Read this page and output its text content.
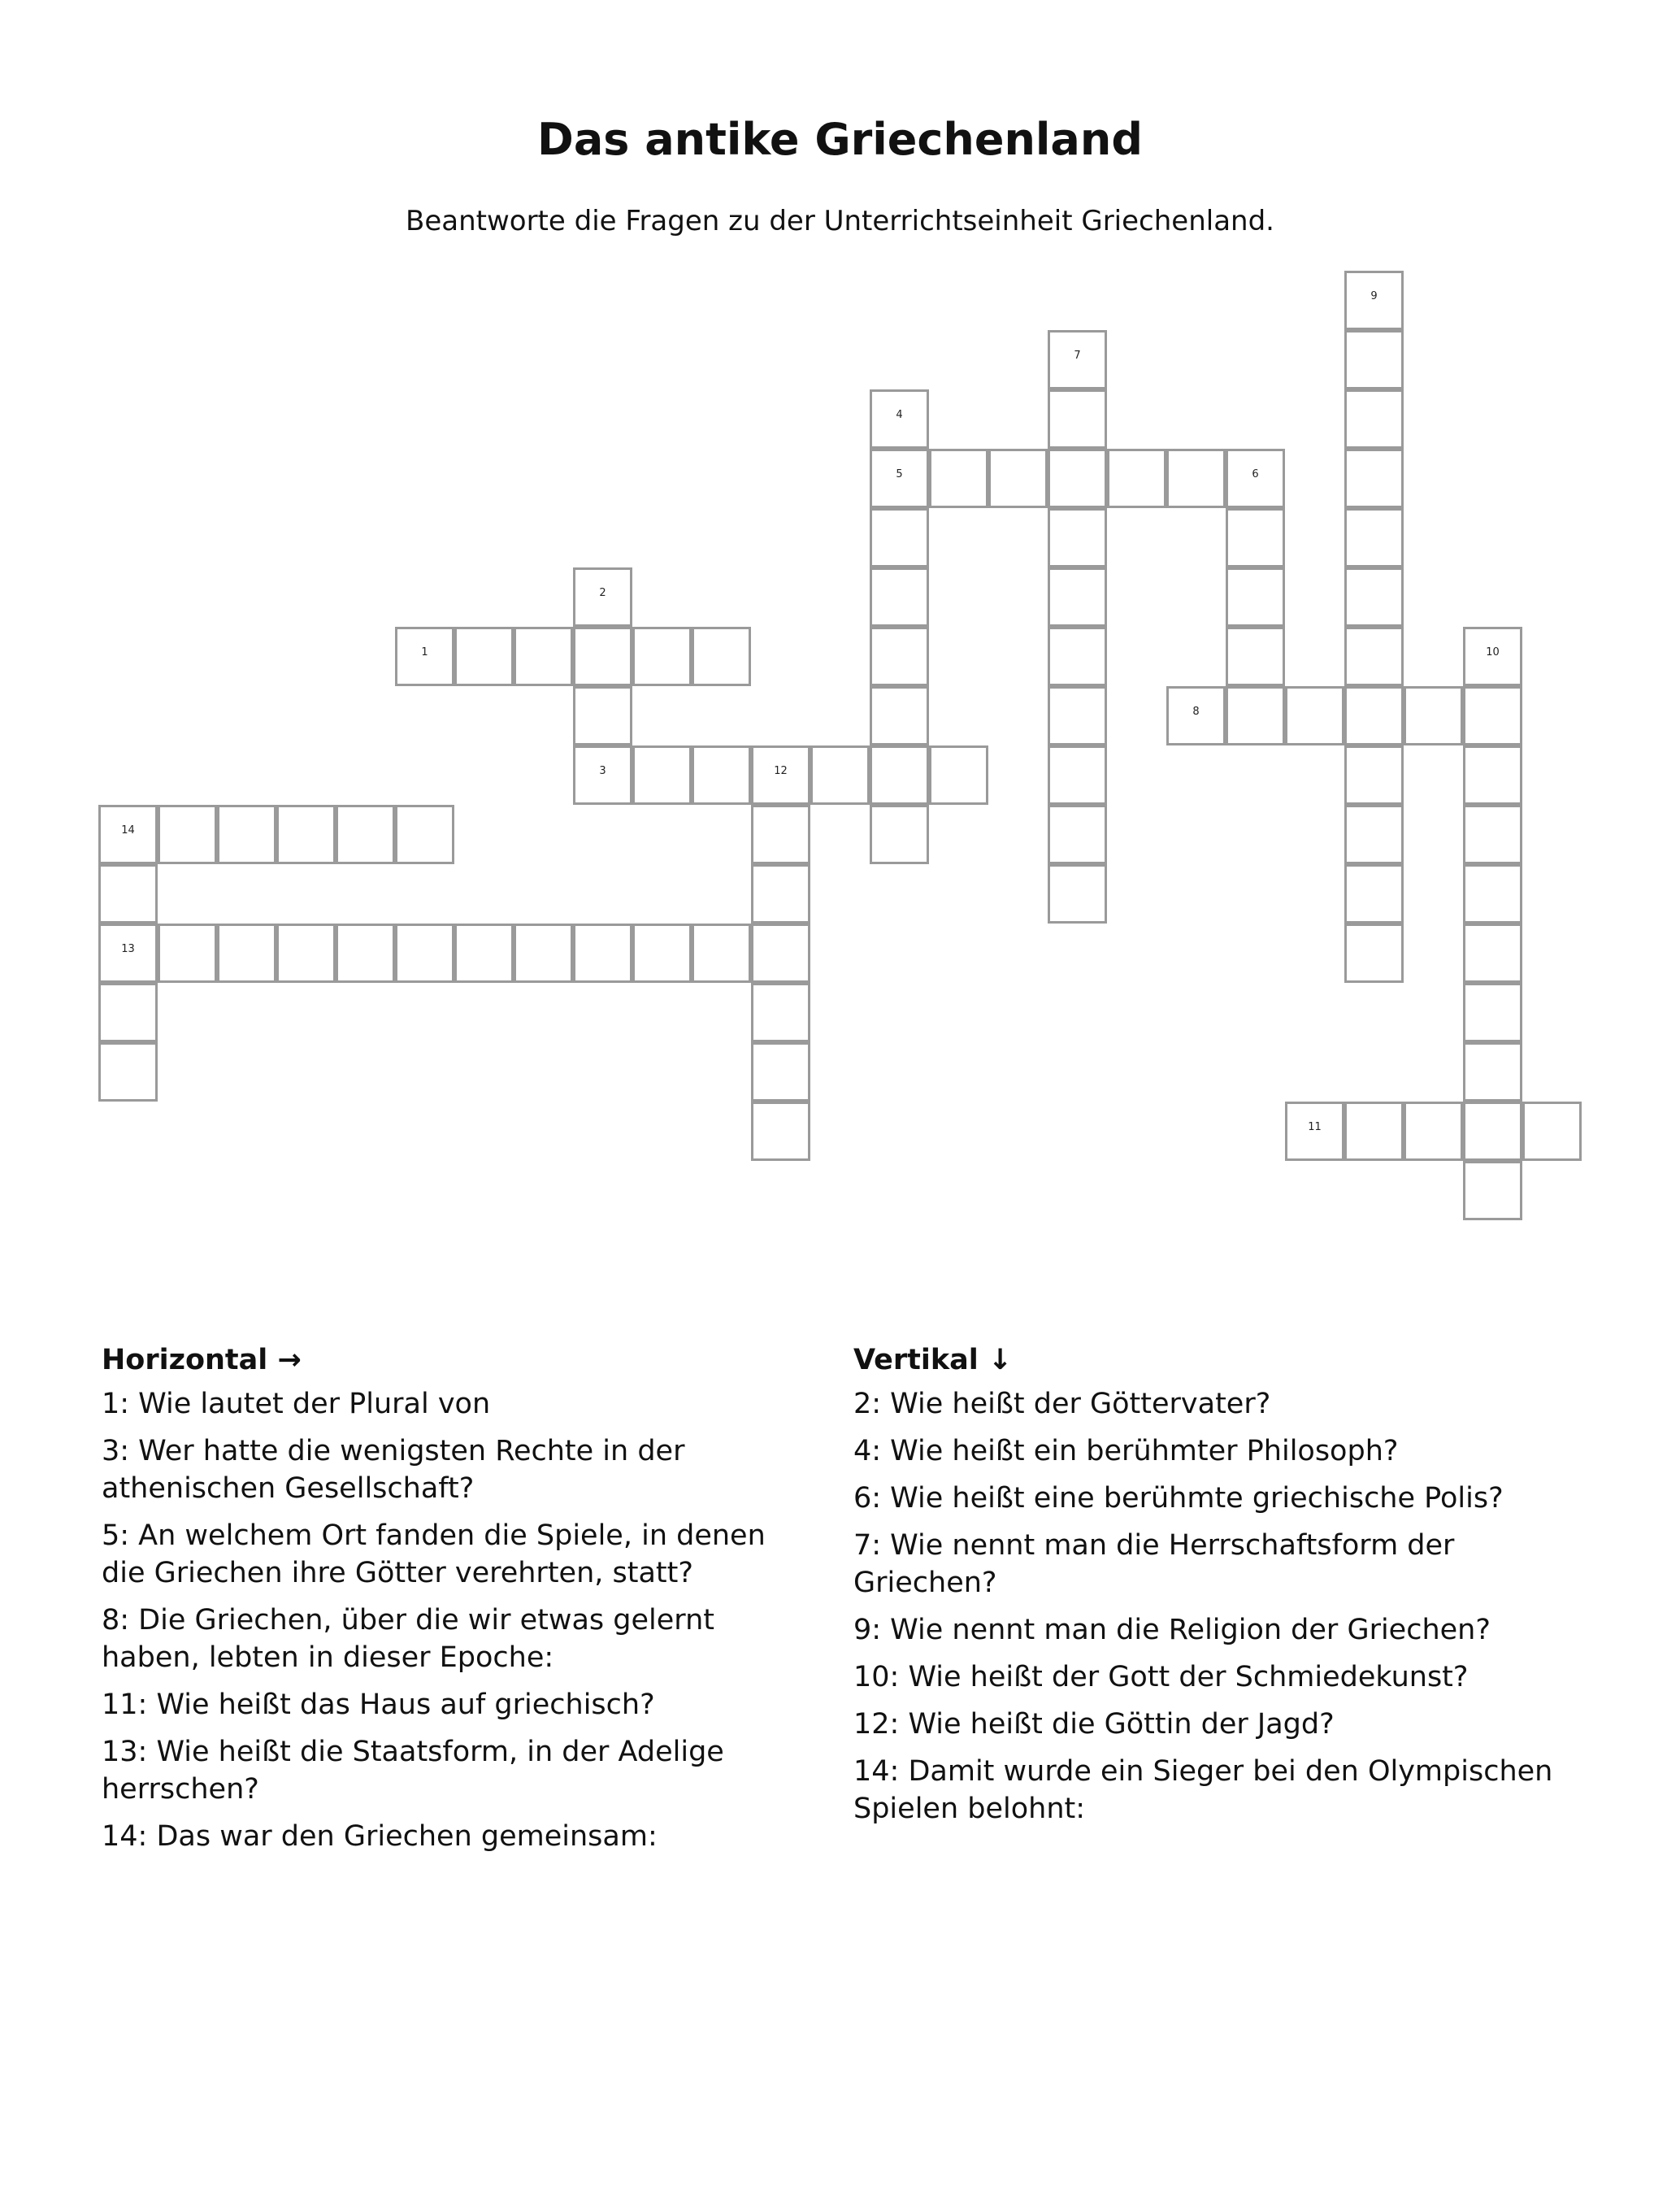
Das antike Griechenland

Beantworte die Fragen zu der Unterrichtseinheit Griechenland.

1
2
3	12
4
5	6
7
8
9
10
11
13
14
Horizontal →
1: Wie lautet der Plural von
3: Wer hatte die wenigsten Rechte in der athenischen Gesellschaft?
5: An welchem Ort fanden die Spiele, in denen die Griechen ihre Götter verehrten, statt?
8: Die Griechen, über die wir etwas gelernt haben, lebten in dieser Epoche:
11: Wie heißt das Haus auf griechisch?
13: Wie heißt die Staatsform, in der Adelige herrschen?
14: Das war den Griechen gemeinsam:
Vertikal ↓
2: Wie heißt der Göttervater?
4: Wie heißt ein berühmter Philosoph?
6: Wie heißt eine berühmte griechische Polis?
7: Wie nennt man die Herrschaftsform der Griechen?
9: Wie nennt man die Religion der Griechen?
10: Wie heißt der Gott der Schmiedekunst?
12: Wie heißt die Göttin der Jagd?
14: Damit wurde ein Sieger bei den Olympischen Spielen belohnt:
